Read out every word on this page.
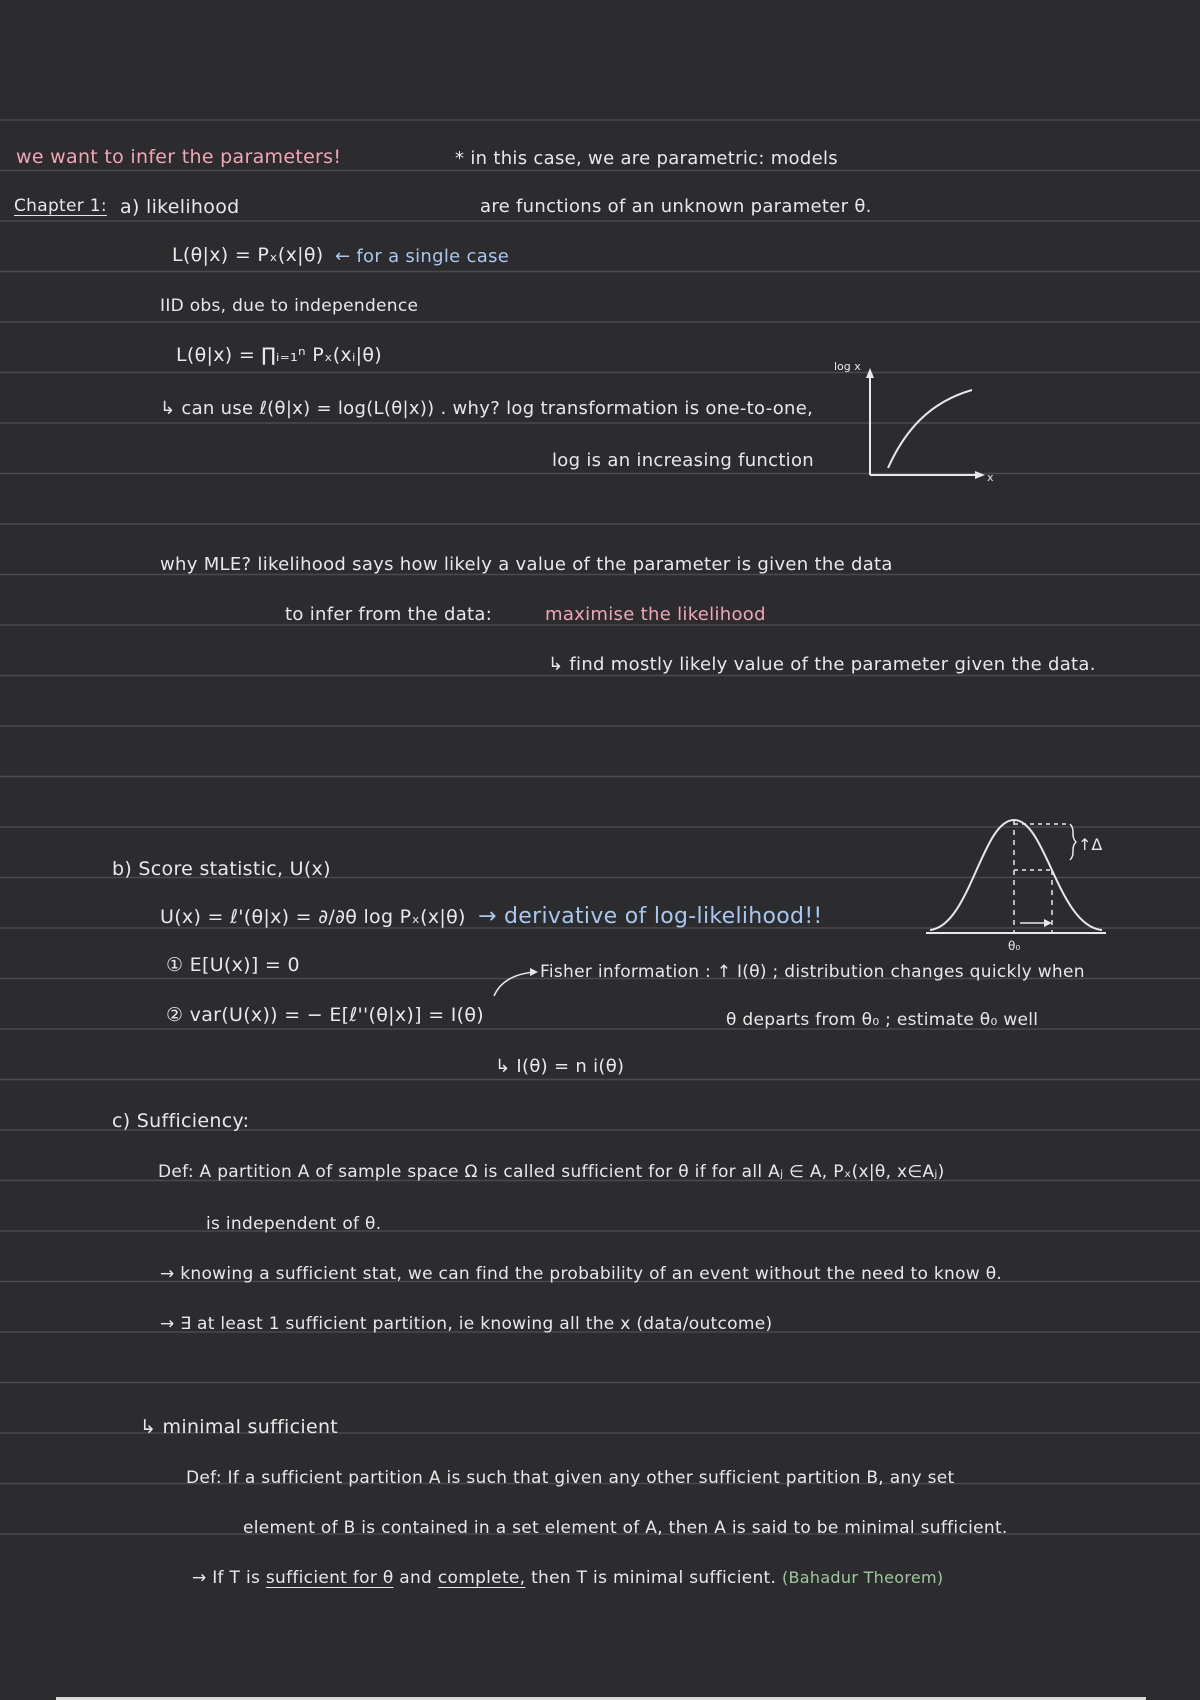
we want to infer the parameters!	* in this case, we are parametric: models
are functions of an unknown parameter θ.
Chapter 1: a) likelihood
L(θ|x) = Pₓ(x|θ) ← for a single case
IID obs, due to independence
L(θ|x) = ∏ᵢ₌₁ⁿ Pₓ(xᵢ|θ)
↳ can use ℓ(θ|x) = log(L(θ|x)) . why? log transformation is one-to-one,
log is an increasing function
log x
x
why MLE? likelihood says how likely a value of the parameter is given the data
to infer from the data:	maximise the likelihood
↳ find mostly likely value of the parameter given the data.
b) Score statistic, U(x)
U(x) = ℓ'(θ|x) = ∂/∂θ log Pₓ(x|θ) → derivative of log-likelihood!!
① E[U(x)] = 0
② var(U(x)) = − E[ℓ''(θ|x)] = I(θ)
Fisher information : ↑ I(θ) ; distribution changes quickly when
θ departs from θ₀ ; estimate θ₀ well
↳ I(θ) = n i(θ)
↑Δ
θ₀
c) Sufficiency:
Def: A partition A of sample space Ω is called sufficient for θ if for all Aⱼ ∈ A, Pₓ(x|θ, x∈Aⱼ)
is independent of θ.
→ knowing a sufficient stat, we can find the probability of an event without the need to know θ.
→ ∃ at least 1 sufficient partition, ie knowing all the x (data/outcome)
↳ minimal sufficient
Def: If a sufficient partition A is such that given any other sufficient partition B, any set
element of B is contained in a set element of A, then A is said to be minimal sufficient.
→ If T is sufficient for θ and complete, then T is minimal sufficient. (Bahadur Theorem)
